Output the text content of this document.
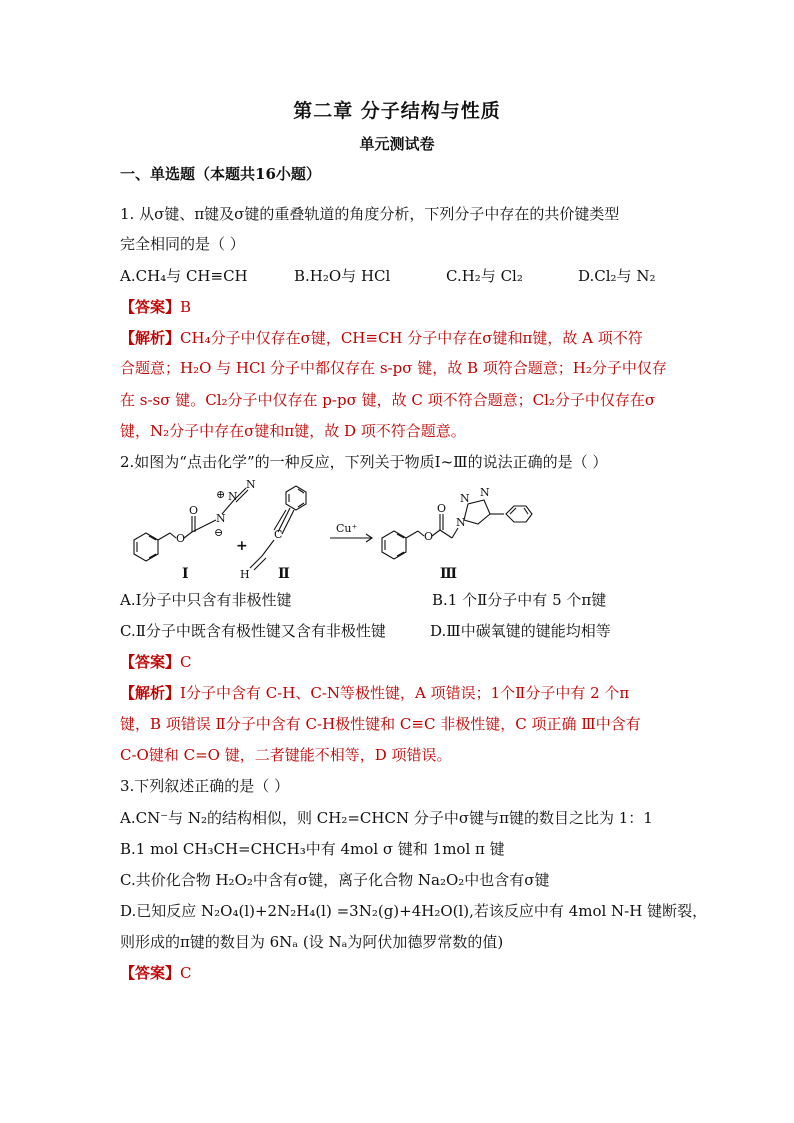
第二章 分子结构与性质
单元测试卷
一、单选题（本题共16小题）
1. 从σ键、π键及σ键的重叠轨道的角度分析，下列分子中存在的共价键类型
完全相同的是（ ）
A.CH₄与 CH≡CH	B.H₂O与 HCl	C.H₂与 Cl₂	D.Cl₂与 N₂
【答案】B
【解析】CH₄分子中仅存在σ键，CH≡CH 分子中存在σ键和π键，故 A 项不符
合题意；H₂O 与 HCl 分子中都仅存在 s-pσ 键，故 B 项符合题意；H₂分子中仅存
在 s-sσ 键。Cl₂分子中仅存在 p-pσ 键，故 C 项不符合题意；Cl₂分子中仅存在σ
键，N₂分子中存在σ键和π键，故 D 项不符合题意。
2.如图为“点击化学”的一种反应，下列关于物质Ⅰ~Ⅲ的说法正确的是（ ）
O
O
N
⊕
⊖
N
N
C
H
O
O
N
N N
Ⅰ
+
Ⅱ	Ⅲ
Cu⁺
A.Ⅰ分子中只含有非极性键	B.1 个Ⅱ分子中有 5 个π键
C.Ⅱ分子中既含有极性键又含有非极性键	D.Ⅲ中碳氧键的键能均相等
【答案】C
【解析】Ⅰ分子中含有 C-H、C-N等极性键，A 项错误；1个Ⅱ分子中有 2 个π
键，B 项错误 Ⅱ分子中含有 C-H极性键和 C≡C 非极性键，C 项正确 Ⅲ中含有
C-O键和 C=O 键，二者键能不相等，D 项错误。
3.下列叙述正确的是（ ）
A.CN⁻与 N₂的结构相似，则 CH₂=CHCN 分子中σ键与π键的数目之比为 1：1
B.1 mol CH₃CH=CHCH₃中有 4mol σ 键和 1mol π 键
C.共价化合物 H₂O₂中含有σ键，离子化合物 Na₂O₂中也含有σ键
D.已知反应 N₂O₄(l)+2N₂H₄(l) =3N₂(g)+4H₂O(l),若该反应中有 4mol N-H 键断裂，
则形成的π键的数目为 6Nₐ (设 Nₐ为阿伏加德罗常数的值)
【答案】C
